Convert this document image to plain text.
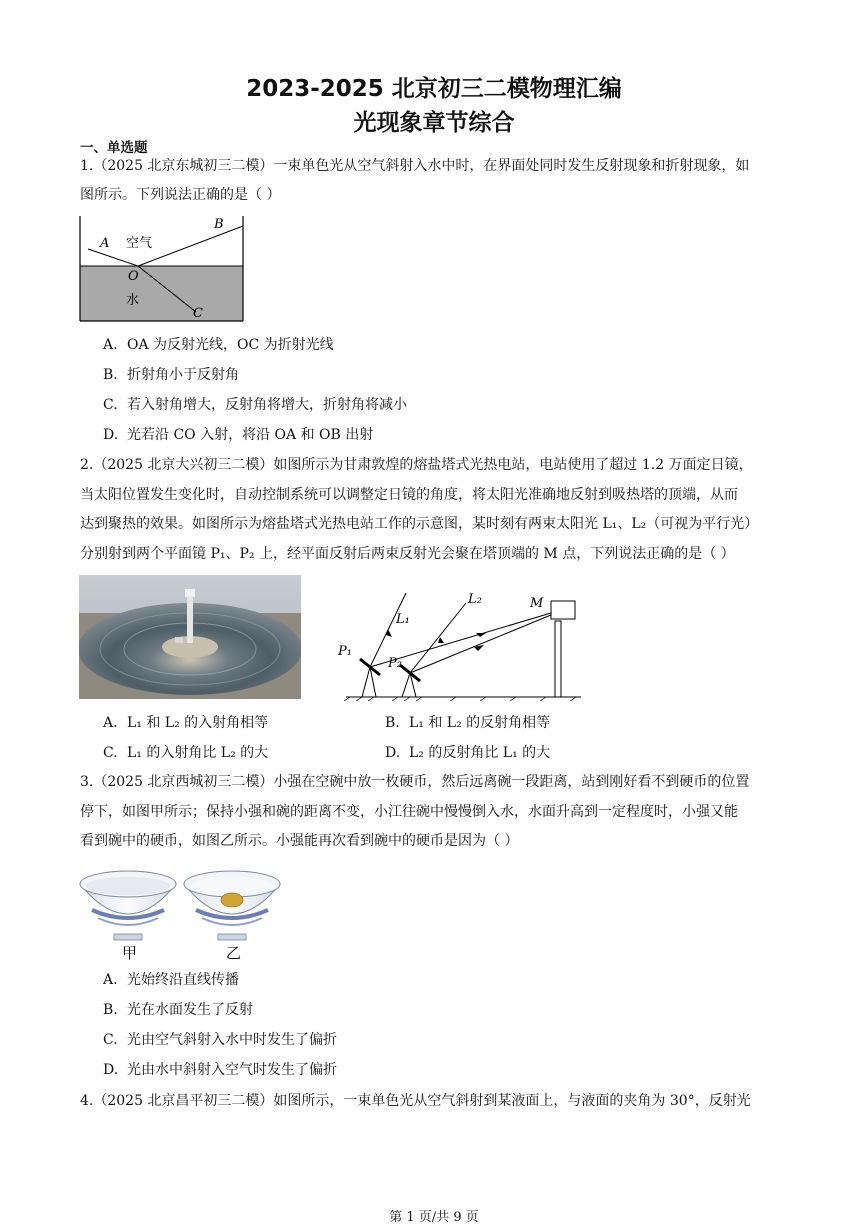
2023-2025 北京初三二模物理汇编
光现象章节综合
一、单选题
1.（2025 北京东城初三二模）一束单色光从空气斜射入水中时，在界面处同时发生反射现象和折射现象，如
图所示。下列说法正确的是（ ）
A
B
O
C
空气
水
A. OA 为反射光线，OC 为折射光线
B. 折射角小于反射角
C. 若入射角增大，反射角将增大，折射角将减小
D. 光若沿 CO 入射，将沿 OA 和 OB 出射
2.（2025 北京大兴初三二模）如图所示为甘肃敦煌的熔盐塔式光热电站，电站使用了超过 1.2 万面定日镜，
当太阳位置发生变化时，自动控制系统可以调整定日镜的角度，将太阳光准确地反射到吸热塔的顶端，从而
达到聚热的效果。如图所示为熔盐塔式光热电站工作的示意图，某时刻有两束太阳光 L₁、L₂（可视为平行光）
分别射到两个平面镜 P₁、P₂ 上，经平面反射后两束反射光会聚在塔顶端的 M 点，下列说法正确的是（ ）
L₁
L₂	M
P₁
P₂
A. L₁ 和 L₂ 的入射角相等	B. L₁ 和 L₂ 的反射角相等
C. L₁ 的入射角比 L₂ 的大	D. L₂ 的反射角比 L₁ 的大
3.（2025 北京西城初三二模）小强在空碗中放一枚硬币，然后远离碗一段距离，站到刚好看不到硬币的位置
停下，如图甲所示；保持小强和碗的距离不变，小江往碗中慢慢倒入水，水面升高到一定程度时，小强又能
看到碗中的硬币，如图乙所示。小强能再次看到碗中的硬币是因为（ ）
甲	乙
A. 光始终沿直线传播
B. 光在水面发生了反射
C. 光由空气斜射入水中时发生了偏折
D. 光由水中斜射入空气时发生了偏折
4.（2025 北京昌平初三二模）如图所示，一束单色光从空气斜射到某液面上，与液面的夹角为 30°，反射光
第 1 页/共 9 页
